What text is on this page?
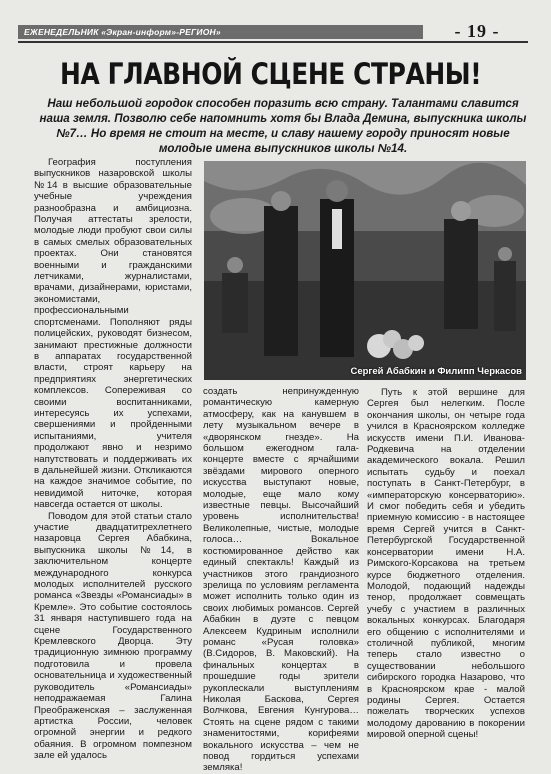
ЕЖЕНЕДЕЛЬНИК «Экран-информ»-РЕГИОН»	- 19 -
НА ГЛАВНОЙ СЦЕНЕ СТРАНЫ!
Наш небольшой городок способен поразить всю страну. Талантами славится наша земля. Позволю себе напомнить хотя бы Влада Демина, выпускника школы №7… Но время не стоит на месте, и славу нашему городу приносят новые молодые имена выпускников школы №14.

География поступления выпускников назаровской школы №14 в высшие образовательные учебные учреждения разнообразна и амбициозна. Получая аттестаты зрелости, молодые люди пробуют свои силы в самых смелых образовательных проектах. Они становятся военными и гражданскими летчиками, журналистами, врачами, дизайнерами, юристами, экономистами, профессиональными спортсменами. Пополняют ряды полицейских, руководят бизнесом, занимают престижные должности в аппаратах государственной власти, строят карьеру на предприятиях энергетических комплексов. Сопереживая со своими воспитанниками, интересуясь их успехами, свершениями и пройденными испытаниями, учителя продолжают явно и незримо напутствовать и поддерживать их в дальнейшей жизни. Откликаются на каждое значимое событие, по невидимой ниточке, которая навсегда остается от школы.

Поводом для этой статьи стало участие двадцатитрехлетнего назаровца Сергея Абабкина, выпускника школы №14, в заключительном концерте международного конкурса молодых исполнителей русского романса «Звезды «Романсиады» в Кремле». Это событие состоялось 31 января наступившего года на сцене Государственного Кремлевского Дворца. Эту традиционную зимнюю программу подготовила и провела основательница и художественный руководитель «Романсиады» неподражаемая Галина Преображенская – заслуженная артистка России, человек огромной энергии и редкого обаяния. В огромном помпезном зале ей удалось

Сергей Абабкин и Филипп Черкасов

создать непринужденную романтическую камерную атмосферу, как на канувшем в лету музыкальном вечере в «дворянском гнезде». На большом ежегодном гала-концерте вместе с ярчайшими звёздами мирового оперного искусства выступают новые, молодые, еще мало кому известные певцы. Высочайший уровень исполнительства! Великолепные, чистые, молодые голоса… Вокальное костюмированное действо как единый спектакль! Каждый из участников этого грандиозного зрелища по условиям регламента может исполнить только один из своих любимых романсов. Сергей Абабкин в дуэте с певцом Алексеем Кудриным исполнили романс «Русая головка» (В.Сидоров, В. Маковский). На финальных концертах в прошедшие годы зрители рукоплескали выступлениям Николая Баскова, Сергея Волчкова, Евгения Кунгурова… Стоять на сцене рядом с такими знаменитостями, корифеями вокального искусства – чем не повод гордиться успехами земляка!

Путь к этой вершине для Сергея был нелегким. После окончания школы, он четыре года учился в Красноярском колледже искусств имени П.И. Иванова-Родкевича на отделении академического вокала. Решил испытать судьбу и поехал поступать в Санкт-Петербург, в «императорскую консерваторию». И смог победить себя и убедить приемную комиссию - в настоящее время Сергей учится в Санкт-Петербургской Государственной консерватории имени Н.А. Римского-Корсакова на третьем курсе бюджетного отделения. Молодой, подающий надежды тенор, продолжает совмещать учебу с участием в различных вокальных конкурсах. Благодаря его общению с исполнителями и столичной публикой, многим теперь стало известно о существовании небольшого сибирского городка Назарово, что в Красноярском крае - малой родины Сергея. Остается пожелать творческих успехов молодому дарованию в покорении мировой оперной сцены!
